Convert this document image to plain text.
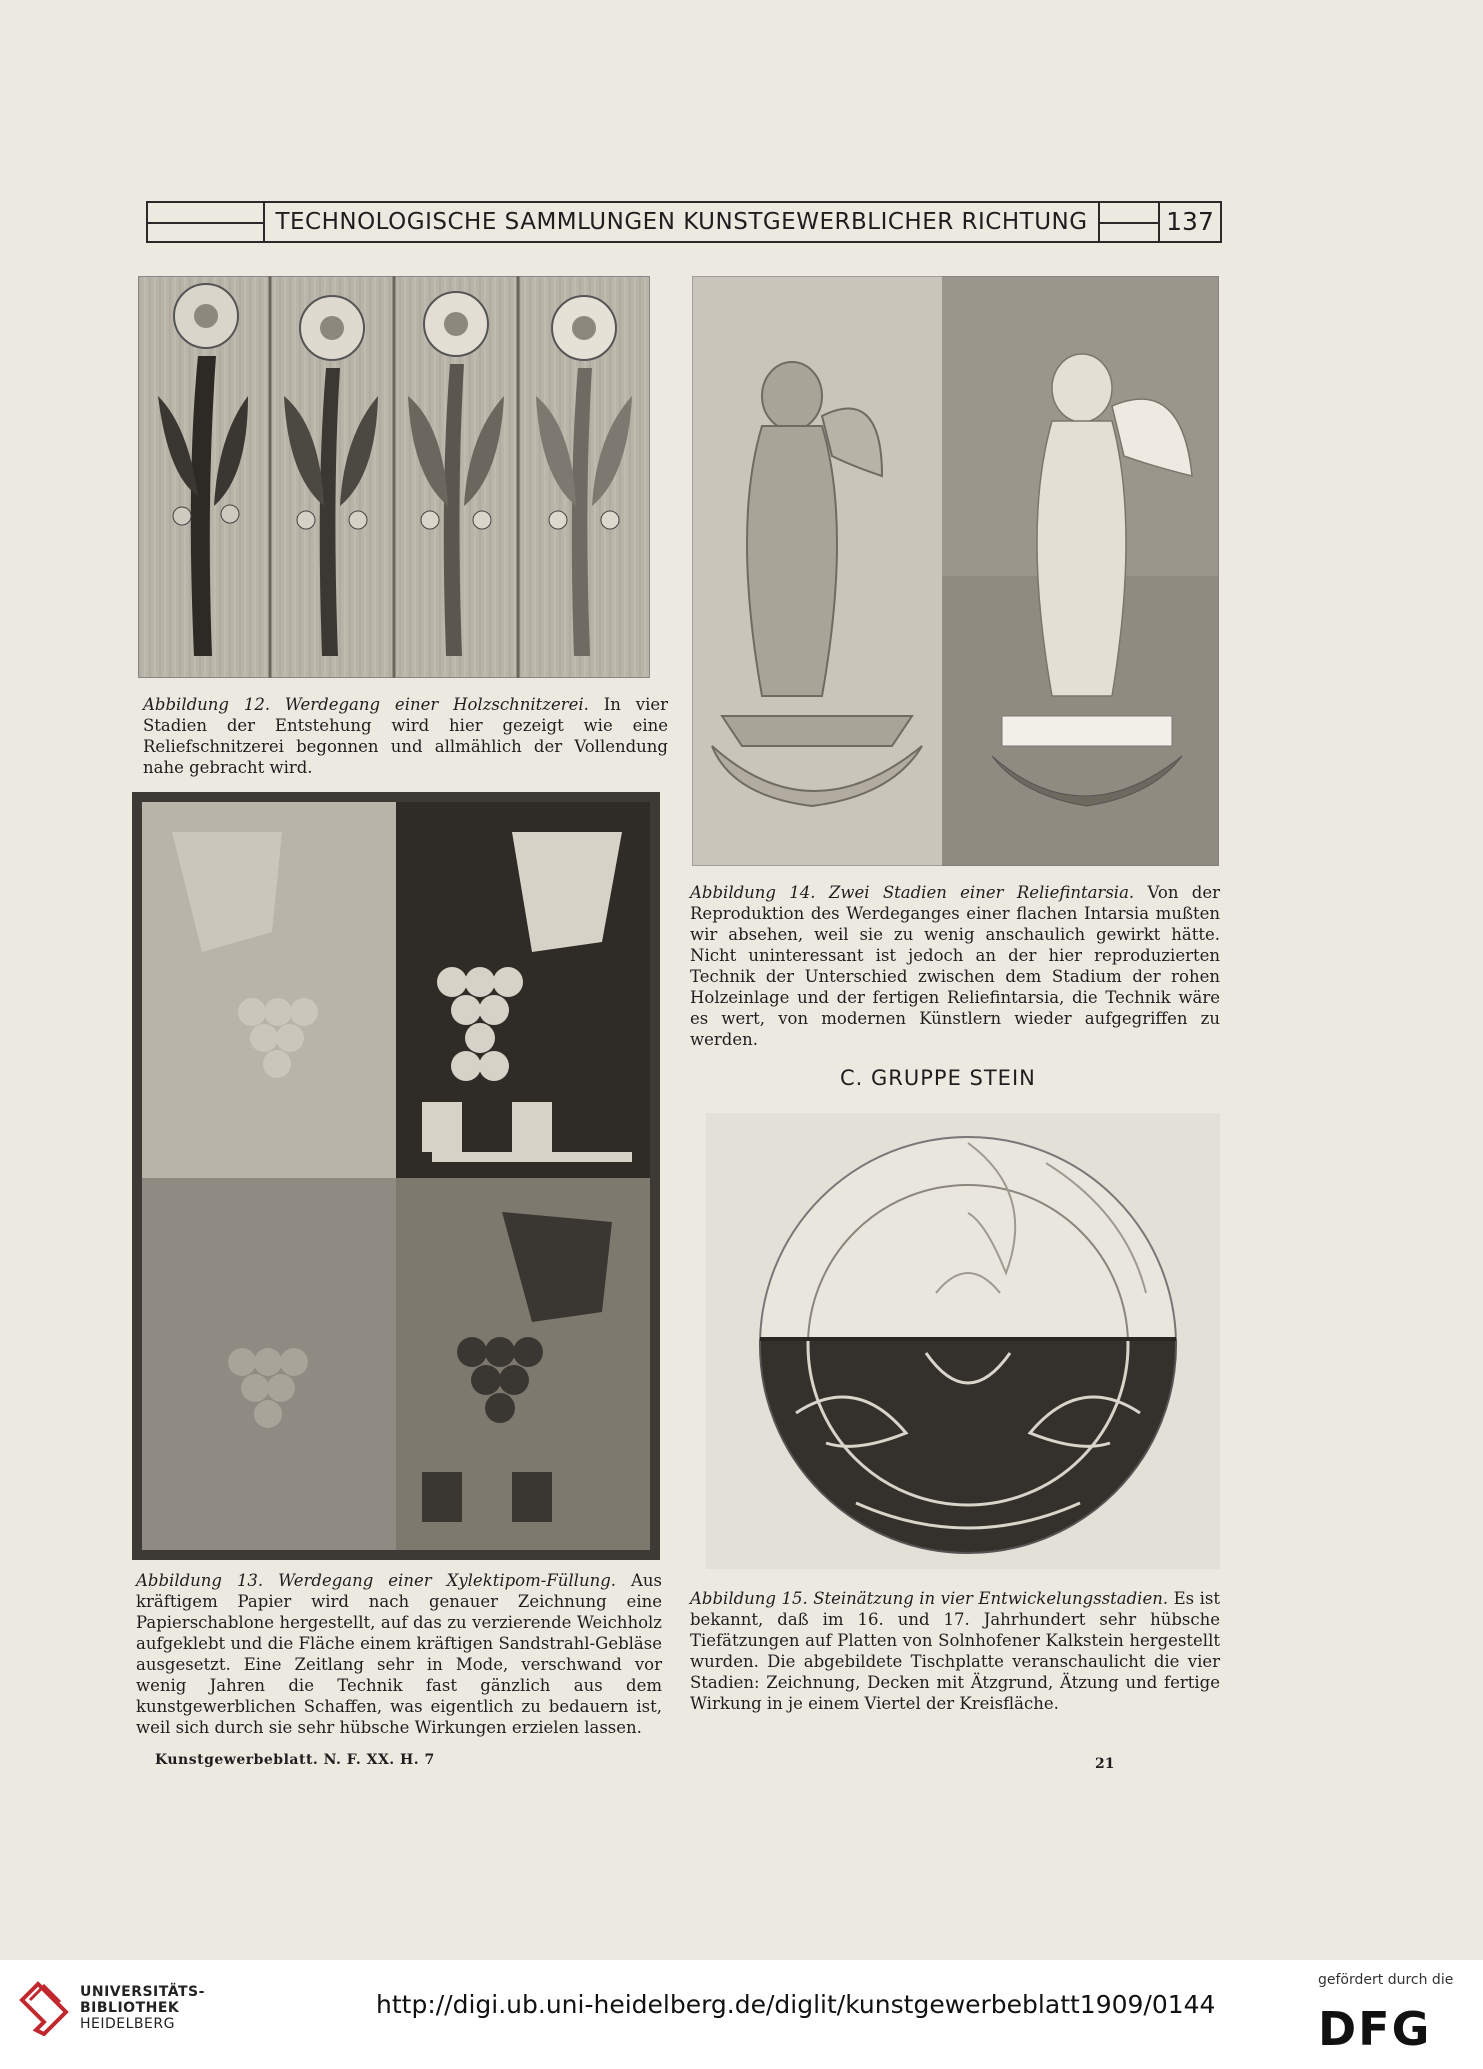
TECHNOLOGISCHE SAMMLUNGEN KUNSTGEWERBLICHER RICHTUNG	137
Abbildung 12. Werdegang einer Holzschnitzerei. In vier Stadien der Entstehung wird hier gezeigt wie eine Reliefschnitzerei begonnen und allmählich der Vollendung nahe gebracht wird.
Abbildung 14. Zwei Stadien einer Reliefintarsia. Von der Reproduktion des Werdeganges einer flachen Intarsia mußten wir absehen, weil sie zu wenig anschaulich gewirkt hätte. Nicht uninteressant ist jedoch an der hier reproduzierten Technik der Unterschied zwischen dem Stadium der rohen Holzeinlage und der fertigen Reliefintarsia, die Technik wäre es wert, von modernen Künstlern wieder aufgegriffen zu werden.
C. GRUPPE STEIN
Abbildung 13. Werdegang einer Xylektipom-Füllung. Aus kräftigem Papier wird nach genauer Zeichnung eine Papierschablone hergestellt, auf das zu verzierende Weichholz aufgeklebt und die Fläche einem kräftigen Sandstrahl-Gebläse ausgesetzt. Eine Zeitlang sehr in Mode, verschwand vor wenig Jahren die Technik fast gänzlich aus dem kunstgewerblichen Schaffen, was eigentlich zu bedauern ist, weil sich durch sie sehr hübsche Wirkungen erzielen lassen.
Abbildung 15. Steinätzung in vier Entwickelungsstadien. Es ist bekannt, daß im 16. und 17. Jahrhundert sehr hübsche Tiefätzungen auf Platten von Solnhofener Kalkstein hergestellt wurden. Die abgebildete Tischplatte veranschaulicht die vier Stadien: Zeichnung, Decken mit Ätzgrund, Ätzung und fertige Wirkung in je einem Viertel der Kreisfläche.
Kunstgewerbeblatt. N. F. XX. H. 7	21
UNIVERSITÄTS-
BIBLIOTHEK
HEIDELBERG
http://digi.ub.uni-heidelberg.de/diglit/kunstgewerbeblatt1909/0144
gefördert durch die
DFG
